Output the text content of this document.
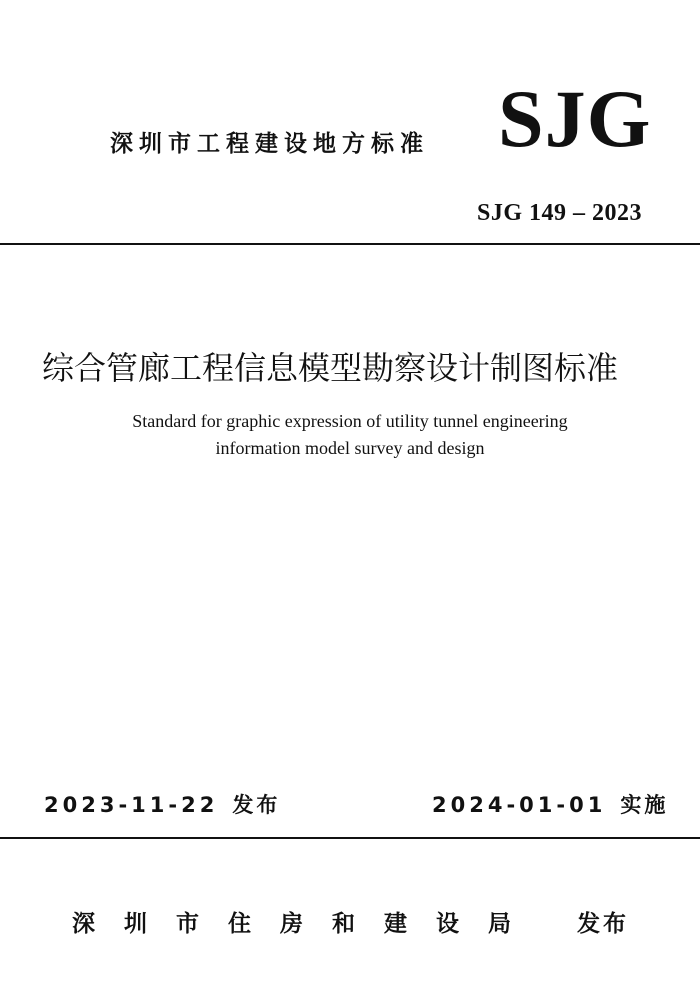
深圳市工程建设地方标准 SJG
SJG 149 – 2023
综合管廊工程信息模型勘察设计制图标准
Standard for graphic expression of utility tunnel engineering
information model survey and design
2023-11-22 发布	2024-01-01 实施
深圳市住房和建设局 发布
